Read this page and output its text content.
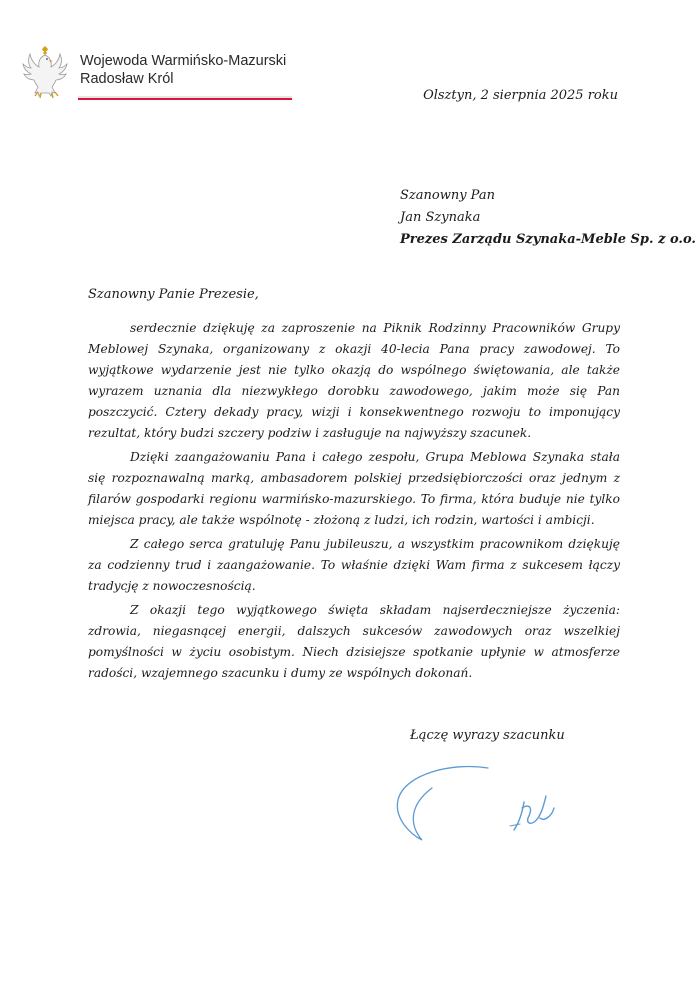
Wojewoda Warmińsko-Mazurski
Radosław Król
Olsztyn, 2 sierpnia 2025 roku
Szanowny Pan
Jan Szynaka
Prezes Zarządu Szynaka-Meble Sp. z o.o.
Szanowny Panie Prezesie,

serdecznie dziękuję za zaproszenie na Piknik Rodzinny Pracowników Grupy Meblowej Szynaka, organizowany z okazji 40-lecia Pana pracy zawodowej. To wyjątkowe wydarzenie jest nie tylko okazją do wspólnego świętowania, ale także wyrazem uznania dla niezwykłego dorobku zawodowego, jakim może się Pan poszczycić. Cztery dekady pracy, wizji i konsekwentnego rozwoju to imponujący rezultat, który budzi szczery podziw i zasługuje na najwyższy szacunek.

Dzięki zaangażowaniu Pana i całego zespołu, Grupa Meblowa Szynaka stała się rozpoznawalną marką, ambasadorem polskiej przedsiębiorczości oraz jednym z filarów gospodarki regionu warmińsko-mazurskiego. To firma, która buduje nie tylko miejsca pracy, ale także wspólnotę - złożoną z ludzi, ich rodzin, wartości i ambicji.

Z całego serca gratuluję Panu jubileuszu, a wszystkim pracownikom dziękuję za codzienny trud i zaangażowanie. To właśnie dzięki Wam firma z sukcesem łączy tradycję z nowoczesnością.

Z okazji tego wyjątkowego święta składam najserdeczniejsze życzenia: zdrowia, niegasnącej energii, dalszych sukcesów zawodowych oraz wszelkiej pomyślności w życiu osobistym. Niech dzisiejsze spotkanie upłynie w atmosferze radości, wzajemnego szacunku i dumy ze wspólnych dokonań.

Łączę wyrazy szacunku
